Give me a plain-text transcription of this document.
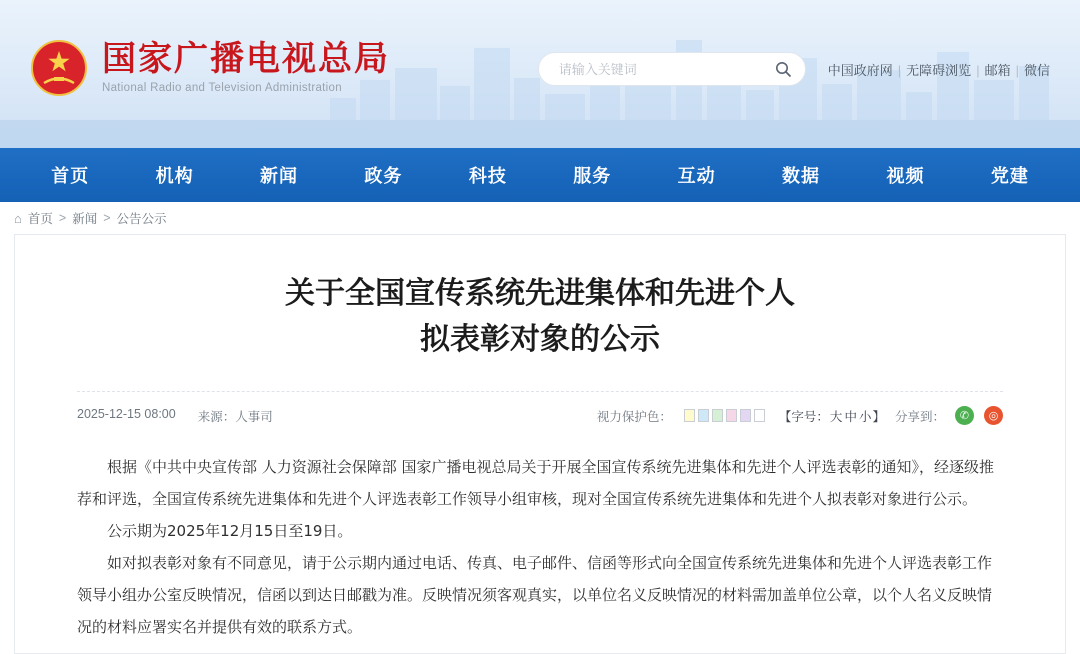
国家广播电视总局
National Radio and Television Administration
请输入关键词
中国政府网 | 无障碍浏览 | 邮箱 | 微信
首页	机构	新闻	政务	科技	服务	互动	数据	视频	党建
⌂ 首页 > 新闻 > 公告公示
关于全国宣传系统先进集体和先进个人
拟表彰对象的公示
2025-12-15 08:00 来源：人事司	视力保护色：	【字号：大 中 小】 分享到：	✆	◎

根据《中共中央宣传部 人力资源社会保障部 国家广播电视总局关于开展全国宣传系统先进集体和先进个人评选表彰的通知》，经逐级推荐和评选，全国宣传系统先进集体和先进个人评选表彰工作领导小组审核，现对全国宣传系统先进集体和先进个人拟表彰对象进行公示。

公示期为2025年12月15日至19日。

如对拟表彰对象有不同意见，请于公示期内通过电话、传真、电子邮件、信函等形式向全国宣传系统先进集体和先进个人评选表彰工作领导小组办公室反映情况，信函以到达日邮戳为准。反映情况须客观真实，以单位名义反映情况的材料需加盖单位公章，以个人名义反映情况的材料应署实名并提供有效的联系方式。
